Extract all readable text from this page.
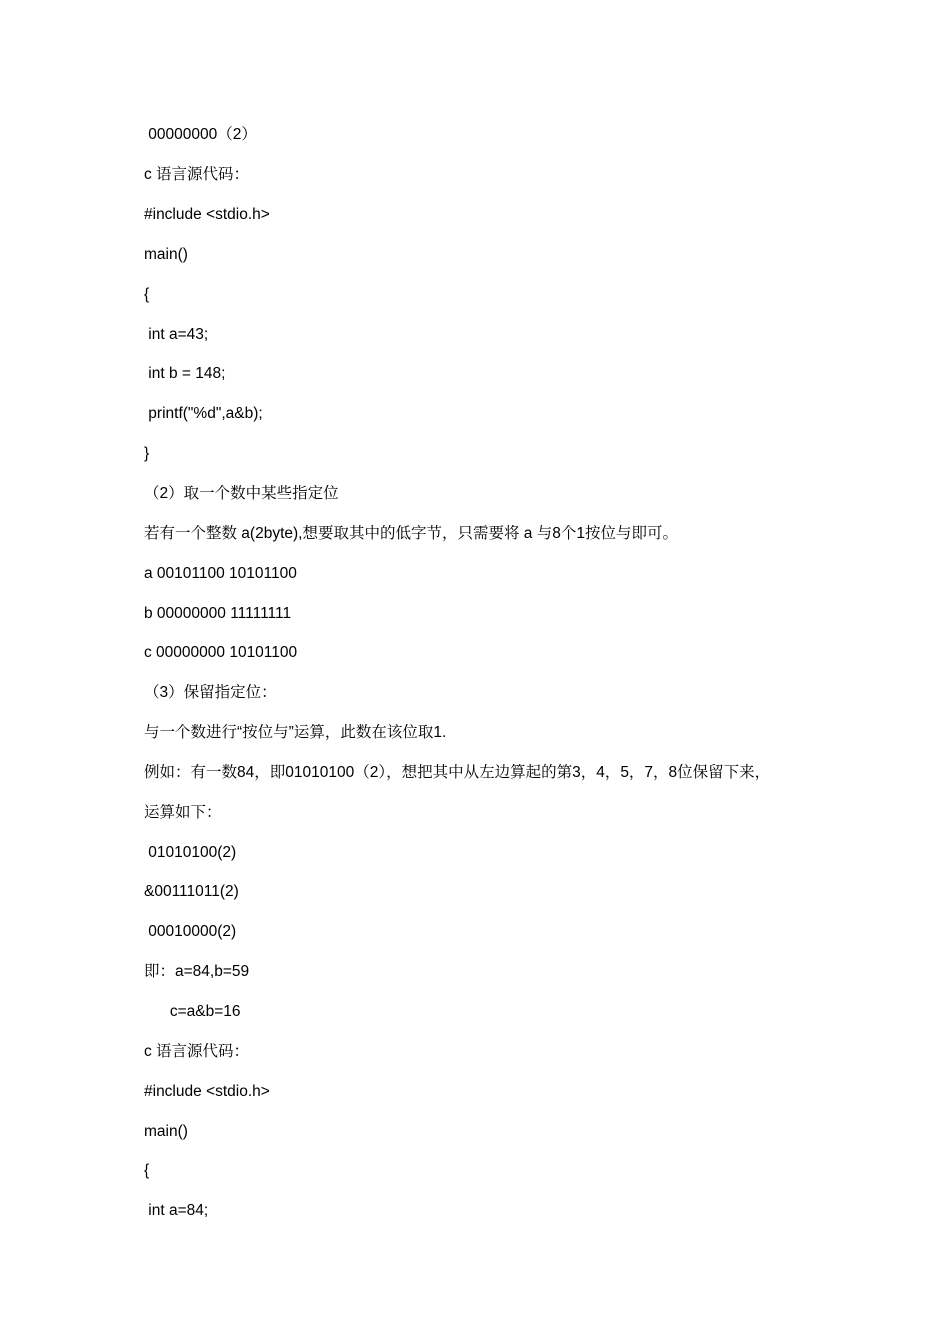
00000000（2）
c 语言源代码：
#include <stdio.h>
main()
{
int a=43;
int b = 148;
printf("%d",a&b);
}
（2）取一个数中某些指定位
若有一个整数 a(2byte),想要取其中的低字节，只需要将 a 与8个1按位与即可。
a 00101100 10101100
b 00000000 11111111
c 00000000 10101100
（3）保留指定位：
与一个数进行“按位与”运算，此数在该位取1.
例如：有一数84，即01010100（2），想把其中从左边算起的第3，4，5，7，8位保留下来，
运算如下：
01010100(2)
&00111011(2)
00010000(2)
即：a=84,b=59
c=a&b=16
c 语言源代码：
#include <stdio.h>
main()
{
int a=84;
